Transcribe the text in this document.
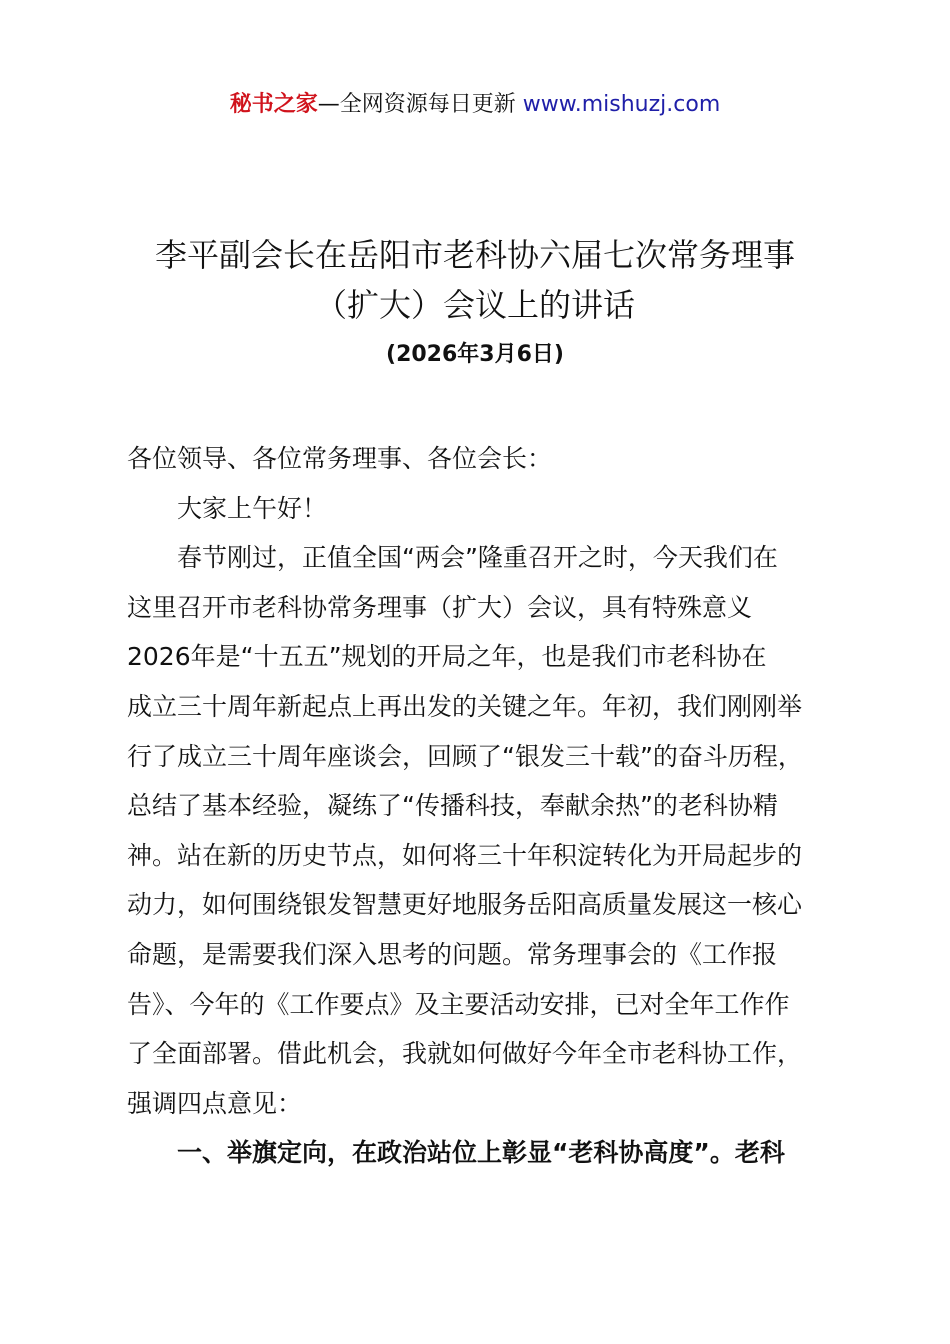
秘书之家—全网资源每日更新 www.mishuzj.com
李平副会长在岳阳市老科协六届七次常务理事
（扩大）会议上的讲话
(2026年3月6日)
各位领导、各位常务理事、各位会长：
大家上午好！
春节刚过，正值全国“两会”隆重召开之时，今天我们在
这里召开市老科协常务理事（扩大）会议，具有特殊意义
2026年是“十五五”规划的开局之年，也是我们市老科协在
成立三十周年新起点上再出发的关键之年。年初，我们刚刚举
行了成立三十周年座谈会，回顾了“银发三十载”的奋斗历程，
总结了基本经验，凝练了“传播科技，奉献余热”的老科协精
神。站在新的历史节点，如何将三十年积淀转化为开局起步的
动力，如何围绕银发智慧更好地服务岳阳高质量发展这一核心
命题，是需要我们深入思考的问题。常务理事会的《工作报
告》、今年的《工作要点》及主要活动安排，已对全年工作作
了全面部署。借此机会，我就如何做好今年全市老科协工作，
强调四点意见：
一、举旗定向，在政治站位上彰显“老科协高度”。老科
